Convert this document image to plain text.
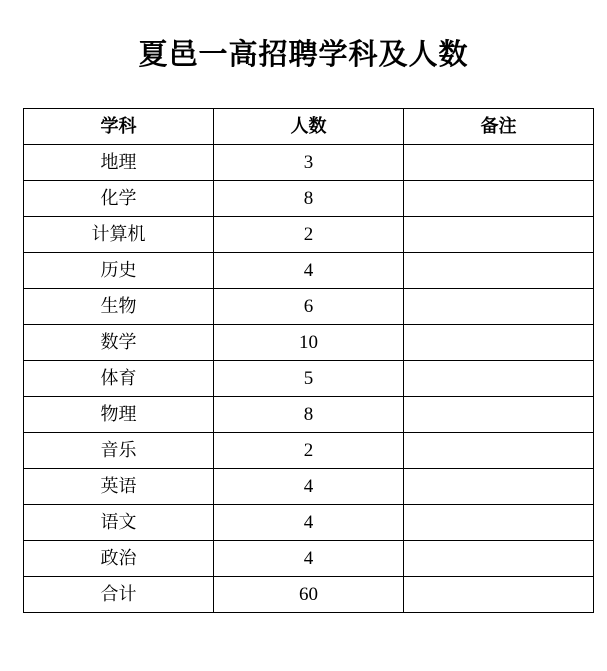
夏邑一高招聘学科及人数
学科	人数	备注
地理	3	
化学	8	
计算机	2	
历史	4	
生物	6	
数学	10	
体育	5	
物理	8	
音乐	2	
英语	4	
语文	4	
政治	4	
合计	60	
